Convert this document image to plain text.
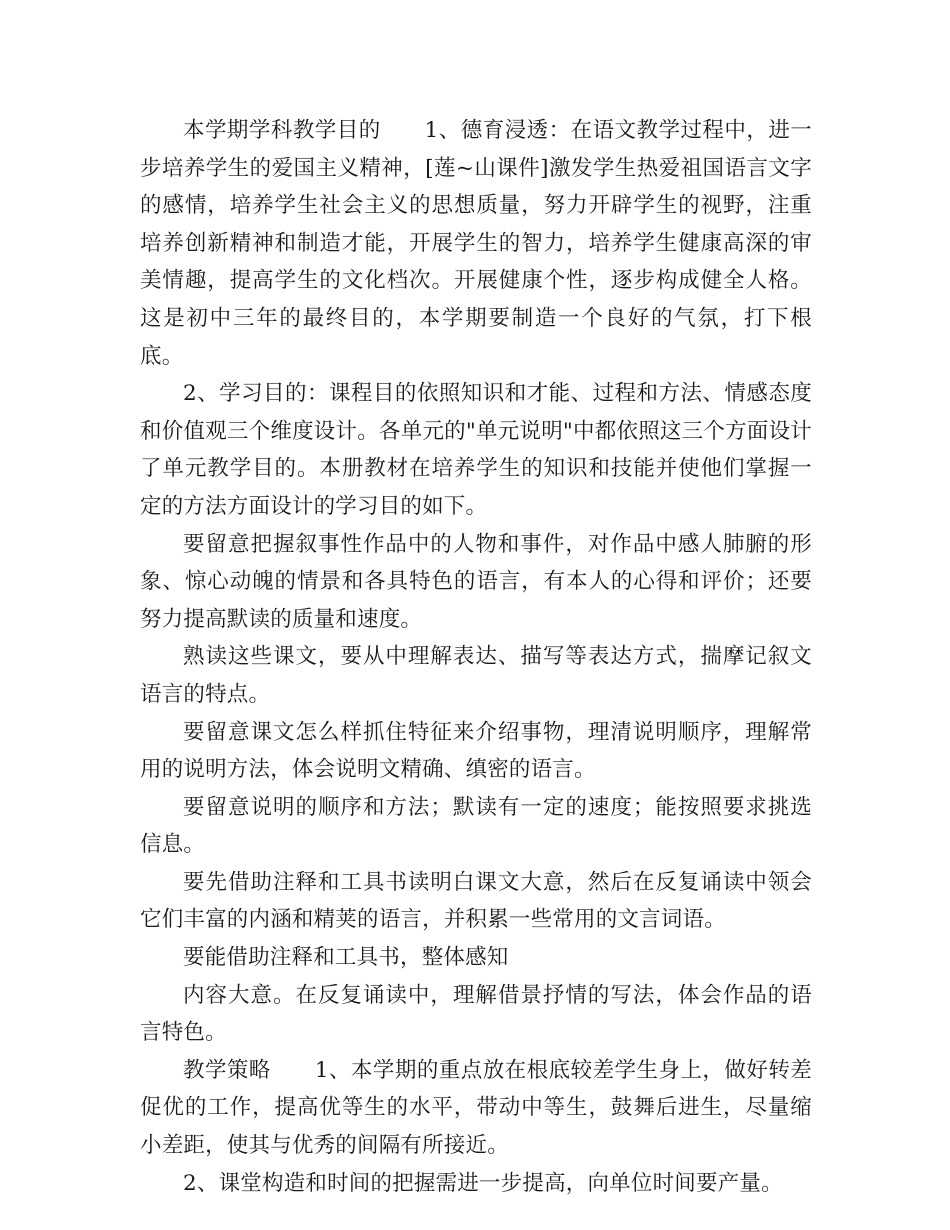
本学期学科教学目的　　 1、德育浸透：在语文教学过程中，进一步培养学生的爱国主义精神，[莲~山课件]激发学生热爱祖国语言文字的感情，培养学生社会主义的思想质量，努力开辟学生的视野，注重培养创新精神和制造才能，开展学生的智力，培养学生健康高深的审美情趣，提高学生的文化档次。开展健康个性，逐步构成健全人格。这是初中三年的最终目的，本学期要制造一个良好的气氛，打下根底。

2、学习目的：课程目的依照知识和才能、过程和方法、情感态度和价值观三个维度设计。各单元的"单元说明"中都依照这三个方面设计了单元教学目的。本册教材在培养学生的知识和技能并使他们掌握一定的方法方面设计的学习目的如下。

要留意把握叙事性作品中的人物和事件，对作品中感人肺腑的形象、惊心动魄的情景和各具特色的语言，有本人的心得和评价；还要努力提高默读的质量和速度。

熟读这些课文，要从中理解表达、描写等表达方式，揣摩记叙文语言的特点。

要留意课文怎么样抓住特征来介绍事物，理清说明顺序，理解常用的说明方法，体会说明文精确、缜密的语言。

要留意说明的顺序和方法；默读有一定的速度；能按照要求挑选信息。

要先借助注释和工具书读明白课文大意，然后在反复诵读中领会它们丰富的内涵和精荚的语言，并积累一些常用的文言词语。

要能借助注释和工具书，整体感知

内容大意。在反复诵读中，理解借景抒情的写法，体会作品的语言特色。

教学策略　　 1、本学期的重点放在根底较差学生身上，做好转差促优的工作，提高优等生的水平，带动中等生，鼓舞后进生，尽量缩小差距，使其与优秀的间隔有所接近。

2、课堂构造和时间的把握需进一步提高，向单位时间要产量。
